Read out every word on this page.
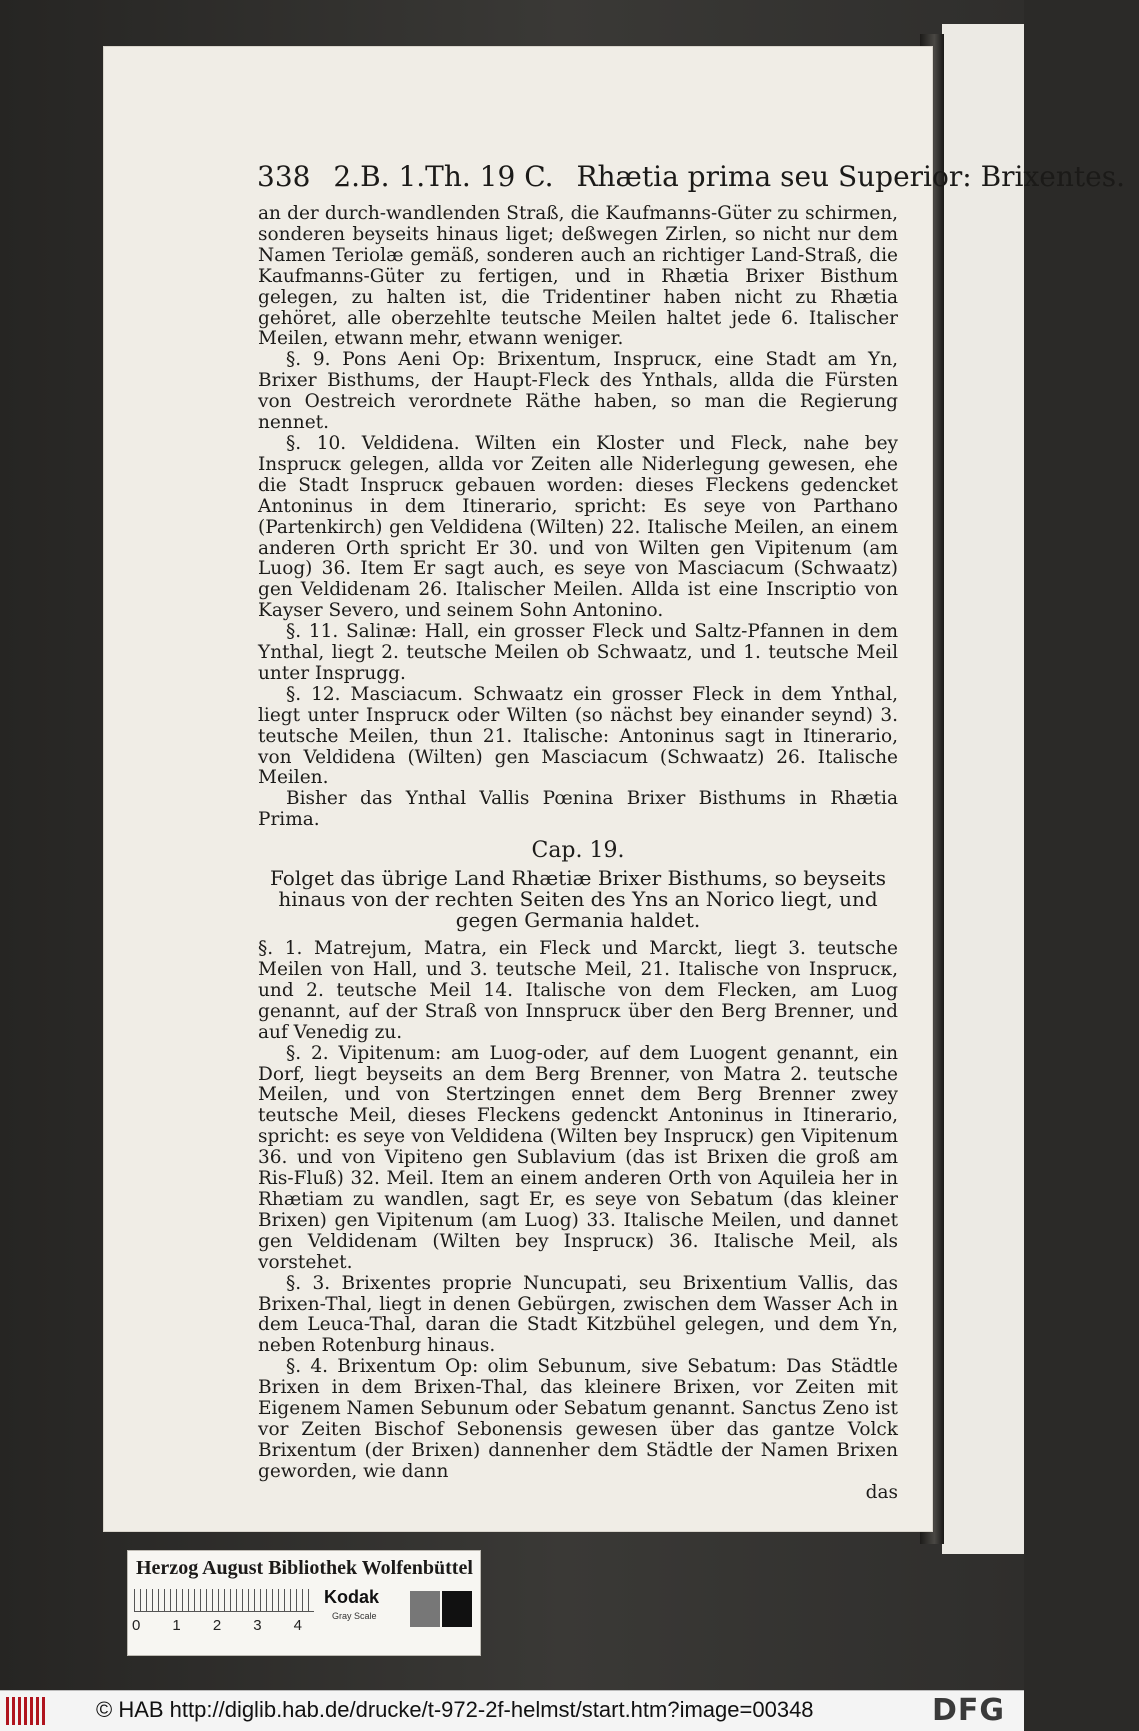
338 2.B. 1.Th. 19 C. Rhætia prima seu Superior: Brixentes.

an der durch-wandlenden Straß, die Kaufmanns-Güter zu schirmen, sonderen beyseits hinaus liget; deßwegen Zirlen, so nicht nur dem Namen Teriolæ gemäß, sonderen auch an richtiger Land-Straß, die Kaufmanns-Güter zu fertigen, und in Rhætia Brixer Bisthum gelegen, zu halten ist, die Tridentiner haben nicht zu Rhætia gehöret, alle oberzehlte teutsche Meilen haltet jede 6. Italischer Meilen, etwann mehr, etwann weniger.

§. 9. Pons Aeni Op: Brixentum, Insprucк, eine Stadt am Yn, Brixer Bisthums, der Haupt-Fleck des Ynthals, allda die Fürsten von Oestreich verordnete Räthe haben, so man die Regierung nennet.

§. 10. Veldidena. Wilten ein Kloster und Fleck, nahe bey Insprucк gelegen, allda vor Zeiten alle Niderlegung gewesen, ehe die Stadt Insprucк gebauen worden: dieses Fleckens gedencket Antoninus in dem Itinerario, spricht: Es seye von Parthano (Partenkirch) gen Veldidena (Wilten) 22. Italische Meilen, an einem anderen Orth spricht Er 30. und von Wilten gen Vipitenum (am Luog) 36. Item Er sagt auch, es seye von Masciacum (Schwaatz) gen Veldidenam 26. Italischer Meilen. Allda ist eine Inscriptio von Kayser Severo, und seinem Sohn Antonino.

§. 11. Salinæ: Hall, ein grosser Fleck und Saltz-Pfannen in dem Ynthal, liegt 2. teutsche Meilen ob Schwaatz, und 1. teutsche Meil unter Insprugg.

§. 12. Masciacum. Schwaatz ein grosser Fleck in dem Ynthal, liegt unter Insprucк oder Wilten (so nächst bey einander seynd) 3. teutsche Meilen, thun 21. Italische: Antoninus sagt in Itinerario, von Veldidena (Wilten) gen Masciacum (Schwaatz) 26. Italische Meilen.

Bisher das Ynthal Vallis Pœnina Brixer Bisthums in Rhætia Prima.

Cap. 19.

Folget das übrige Land Rhætiæ Brixer Bisthums, so beyseits hinaus von der rechten Seiten des Yns an Norico liegt, und gegen Germania haldet.

§. 1. Matrejum, Matra, ein Fleck und Marckt, liegt 3. teutsche Meilen von Hall, und 3. teutsche Meil, 21. Italische von Insprucк, und 2. teutsche Meil 14. Italische von dem Flecken, am Luog genannt, auf der Straß von Innsprucк über den Berg Brenner, und auf Venedig zu.

§. 2. Vipitenum: am Luog-oder, auf dem Luogent genannt, ein Dorf, liegt beyseits an dem Berg Brenner, von Matra 2. teutsche Meilen, und von Stertzingen ennet dem Berg Brenner zwey teutsche Meil, dieses Fleckens gedenckt Antoninus in Itinerario, spricht: es seye von Veldidena (Wilten bey Insprucк) gen Vipitenum 36. und von Vipiteno gen Sublavium (das ist Brixen die groß am Ris-Fluß) 32. Meil. Item an einem anderen Orth von Aquileia her in Rhætiam zu wandlen, sagt Er, es seye von Sebatum (das kleiner Brixen) gen Vipitenum (am Luog) 33. Italische Meilen, und dannet gen Veldidenam (Wilten bey Insprucк) 36. Italische Meil, als vorstehet.

§. 3. Brixentes proprie Nuncupati, seu Brixentium Vallis, das Brixen-Thal, liegt in denen Gebürgen, zwischen dem Wasser Ach in dem Leuca-Thal, daran die Stadt Kitzbühel gelegen, und dem Yn, neben Rotenburg hinaus.

§. 4. Brixentum Op: olim Sebunum, sive Sebatum: Das Städtle Brixen in dem Brixen-Thal, das kleinere Brixen, vor Zeiten mit Eigenem Namen Sebunum oder Sebatum genannt. Sanctus Zeno ist vor Zeiten Bischof Sebonensis gewesen über das gantze Volck Brixentum (der Brixen) dannenher dem Städtle der Namen Brixen geworden, wie dann

das

Herzog August Bibliothek Wolfenbüttel
0 1 2 3 4
Kodak
Gray Scale
© HAB http://diglib.hab.de/drucke/t-972-2f-helmst/start.htm?image=00348	DFG
